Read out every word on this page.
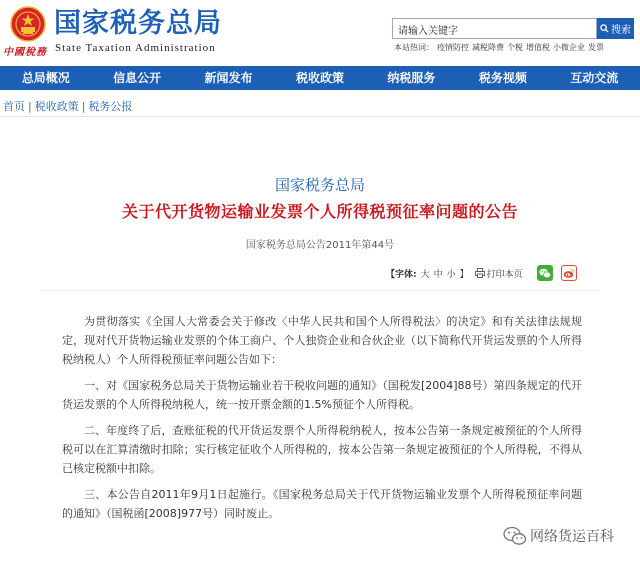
中國稅務
国家税务总局
State Taxation Administration
请输入关键字
搜索
本站热词： 疫情防控 减税降费 个税 增值税 小微企业 发票
总局概况	信息公开	新闻发布	税收政策	纳税服务	税务视频	互动交流
首页 | 税收政策 | 税务公报
国家税务总局
关于代开货物运输业发票个人所得税预征率问题的公告
国家税务总局公告2011年第44号
【字体: 大 中 小 】 打印本页

为贯彻落实《全国人大常委会关于修改〈中华人民共和国个人所得税法〉的决定》和有关法律法规规定，现对代开货物运输业发票的个体工商户、个人独资企业和合伙企业（以下简称代开货运发票的个人所得税纳税人）个人所得税预征率问题公告如下：

一、对《国家税务总局关于货物运输业若干税收问题的通知》（国税发[2004]88号）第四条规定的代开货运发票的个人所得税纳税人，统一按开票金额的1.5%预征个人所得税。

二、年度终了后，查账征税的代开货运发票个人所得税纳税人，按本公告第一条规定被预征的个人所得税可以在汇算清缴时扣除；实行核定征收个人所得税的，按本公告第一条规定被预征的个人所得税，不得从已核定税额中扣除。

三、本公告自2011年9月1日起施行。《国家税务总局关于代开货物运输业发票个人所得税预征率问题的通知》（国税函[2008]977号）同时废止。

网络货运百科
